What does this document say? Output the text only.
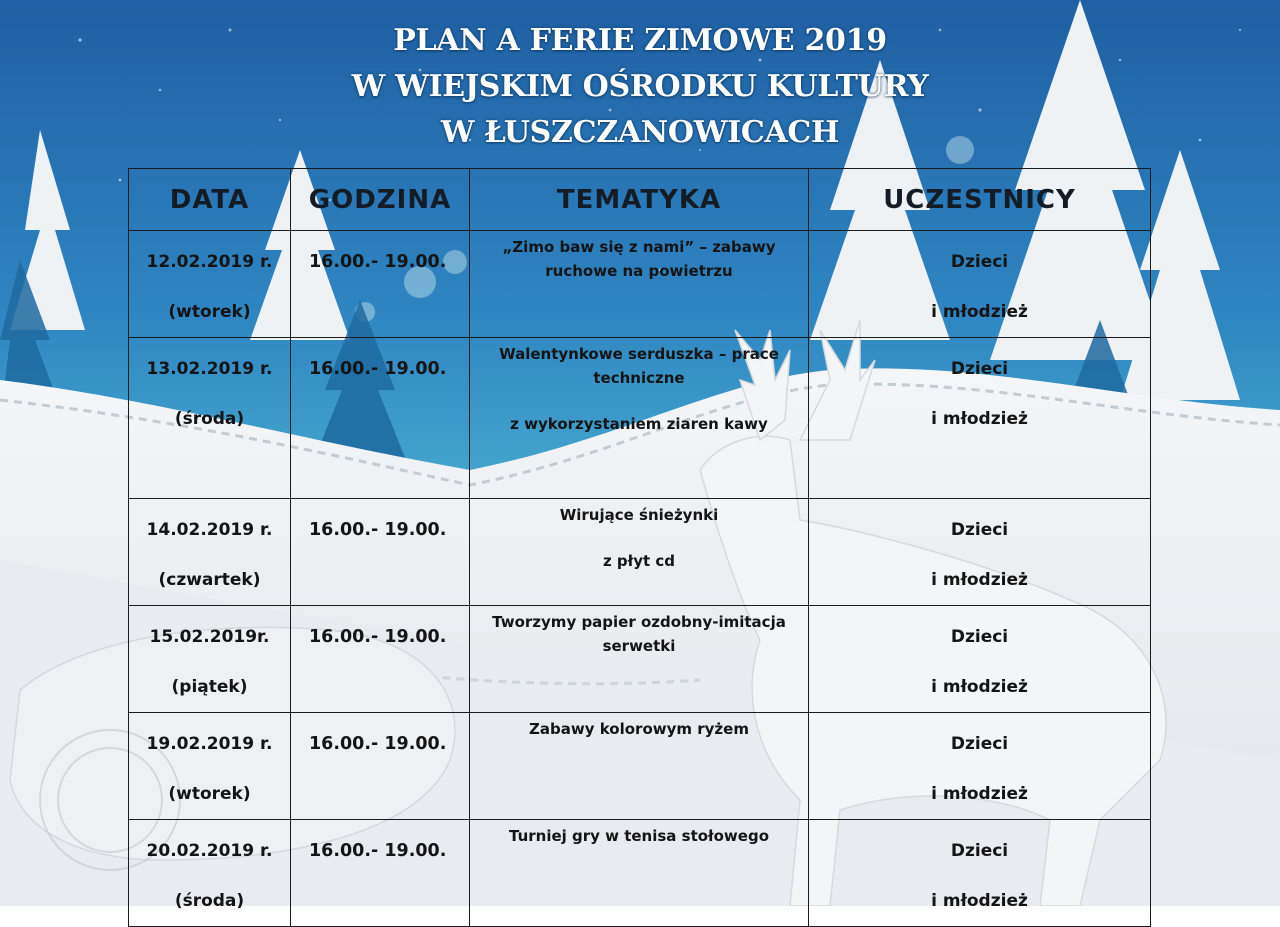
PLAN A FERIE ZIMOWE 2019
W WIEJSKIM OŚRODKU KULTURY
W ŁUSZCZANOWICACH
DATA	GODZINA	TEMATYKA	UCZESTNICY

12.02.2019 r.
(wtorek)	16.00.- 19.00.	„Zimo baw się z nami” – zabawy
ruchowe na powietrzu	Dzieci
i młodzież

13.02.2019 r.
(środa)	16.00.- 19.00.	Walentynkowe serduszka – prace
techniczne
z wykorzystaniem ziaren kawy	Dzieci
i młodzież

14.02.2019 r.
(czwartek)	16.00.- 19.00.	Wirujące śnieżynki
z płyt cd	Dzieci
i młodzież

15.02.2019r.
(piątek)	16.00.- 19.00.	Tworzymy papier ozdobny-imitacja
serwetki	Dzieci
i młodzież

19.02.2019 r.
(wtorek)	16.00.- 19.00.	Zabawy kolorowym ryżem	Dzieci
i młodzież

20.02.2019 r.
(środa)	16.00.- 19.00.	Turniej gry w tenisa stołowego	Dzieci
i młodzież
